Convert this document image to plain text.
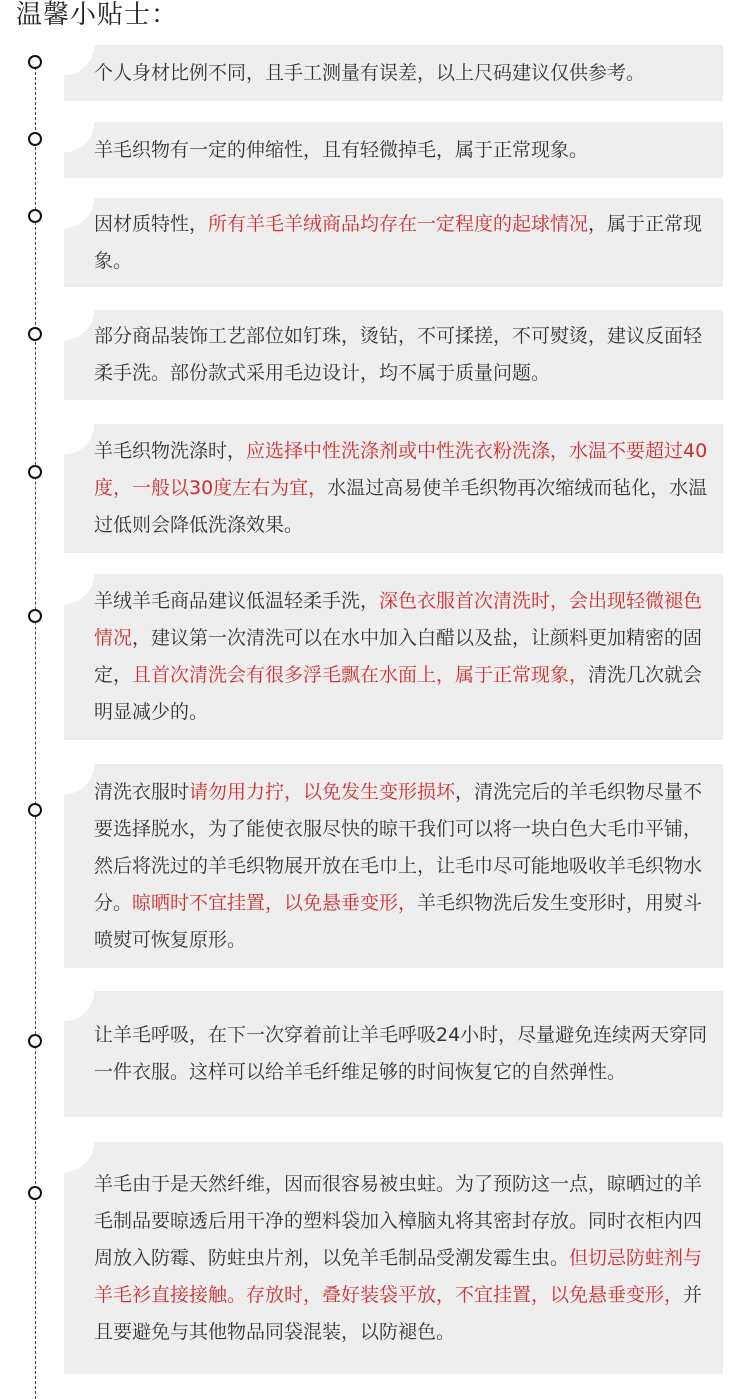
温馨小贴士：
个人身材比例不同，且手工测量有误差，以上尺码建议仅供参考。
羊毛织物有一定的伸缩性，且有轻微掉毛，属于正常现象。
因材质特性，所有羊毛羊绒商品均存在一定程度的起球情况，属于正常现象。
部分商品装饰工艺部位如钉珠，烫钻，不可揉搓，不可熨烫，建议反面轻柔手洗。部份款式采用毛边设计，均不属于质量问题。
羊毛织物洗涤时，应选择中性洗涤剂或中性洗衣粉洗涤，水温不要超过40度，一般以30度左右为宜，水温过高易使羊毛织物再次缩绒而毡化，水温过低则会降低洗涤效果。
羊绒羊毛商品建议低温轻柔手洗，深色衣服首次清洗时，会出现轻微褪色情况，建议第一次清洗可以在水中加入白醋以及盐，让颜料更加精密的固定，且首次清洗会有很多浮毛飘在水面上，属于正常现象，清洗几次就会明显减少的。
清洗衣服时请勿用力拧，以免发生变形损坏，清洗完后的羊毛织物尽量不要选择脱水，为了能使衣服尽快的晾干我们可以将一块白色大毛巾平铺，然后将洗过的羊毛织物展开放在毛巾上，让毛巾尽可能地吸收羊毛织物水分。晾晒时不宜挂置，以免悬垂变形，羊毛织物洗后发生变形时，用熨斗喷熨可恢复原形。
让羊毛呼吸，在下一次穿着前让羊毛呼吸24小时，尽量避免连续两天穿同一件衣服。这样可以给羊毛纤维足够的时间恢复它的自然弹性。
羊毛由于是天然纤维，因而很容易被虫蛀。为了预防这一点，晾晒过的羊毛制品要晾透后用干净的塑料袋加入樟脑丸将其密封存放。同时衣柜内四周放入防霉、防蛀虫片剂，以免羊毛制品受潮发霉生虫。但切忌防蛀剂与羊毛衫直接接触。存放时，叠好装袋平放，不宜挂置，以免悬垂变形，并且要避免与其他物品同袋混装，以防褪色。
